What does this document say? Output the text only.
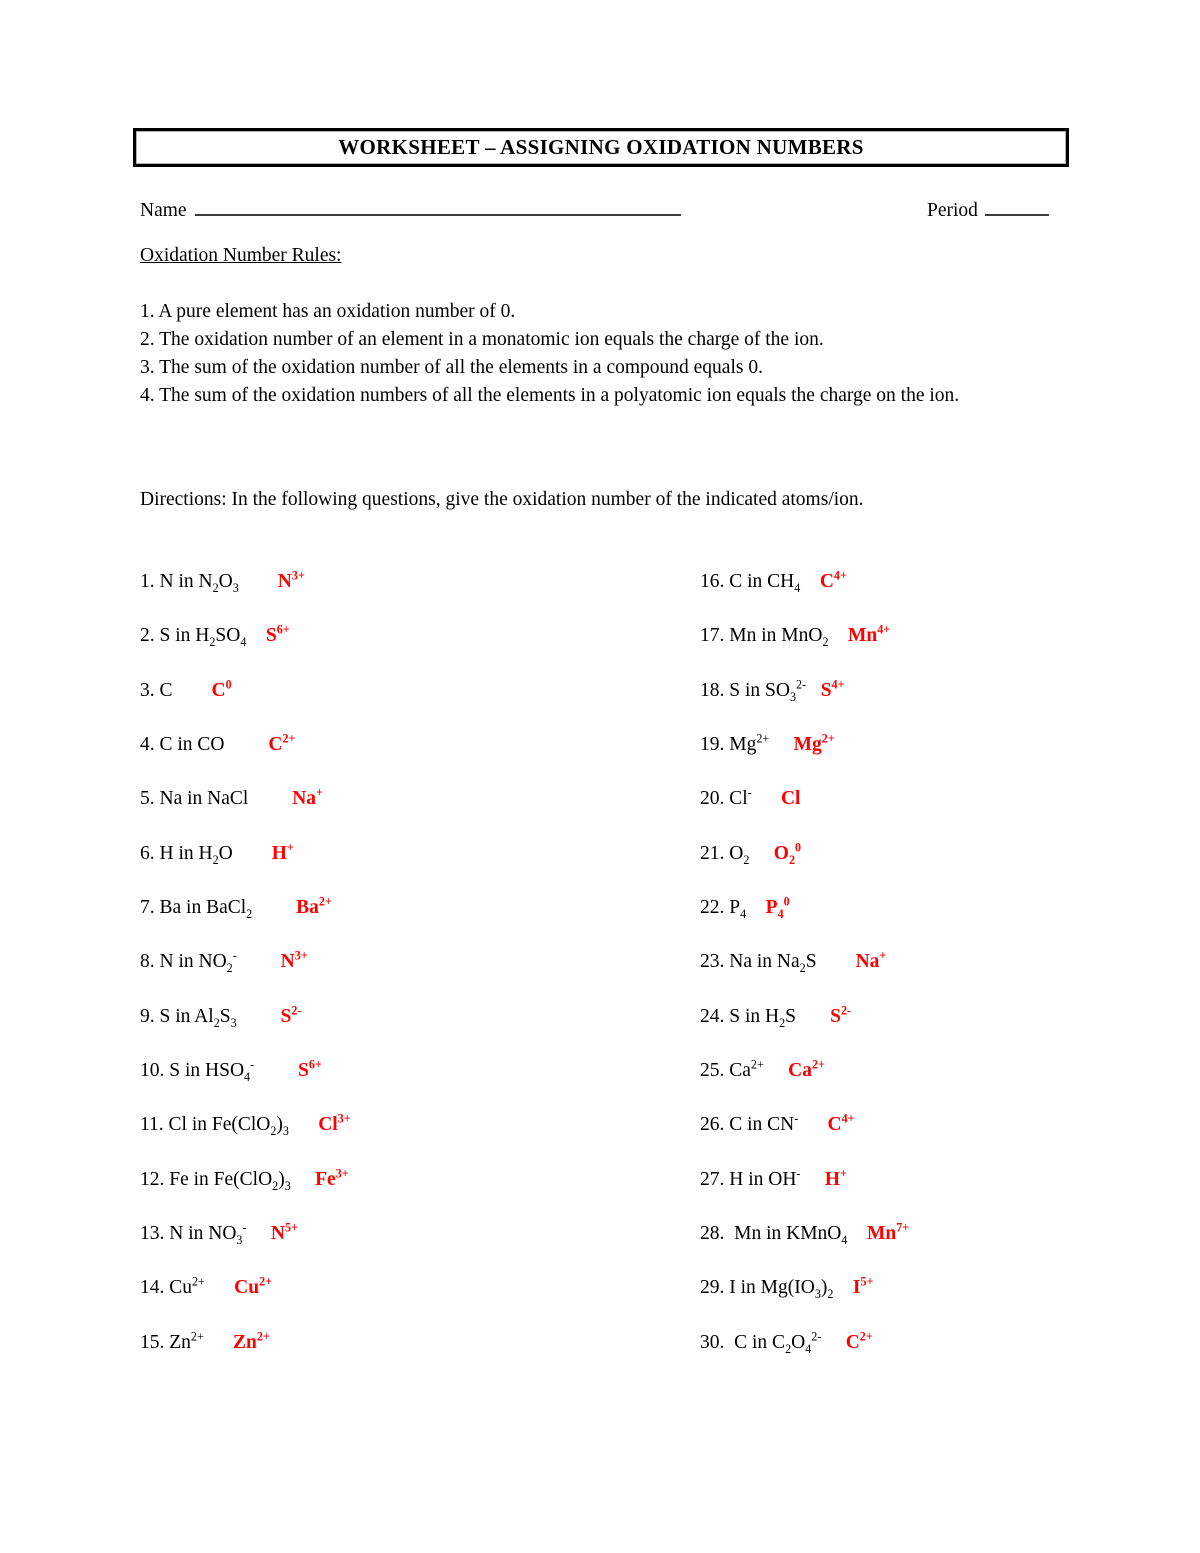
WORKSHEET – ASSIGNING OXIDATION NUMBERS
Name	Period
Oxidation Number Rules:
1. A pure element has an oxidation number of 0.
2. The oxidation number of an element in a monatomic ion equals the charge of the ion.
3. The sum of the oxidation number of all the elements in a compound equals 0.
4. The sum of the oxidation numbers of all the elements in a polyatomic ion equals the charge on the ion.
Directions: In the following questions, give the oxidation number of the indicated atoms/ion.
1. N in $N_2O_3$ $N^{3+}$
2. S in $H_2SO_4$ $S^{6+}$
3. C        $C^0$
4. C in CO         $C^{2+}$
5. Na in NaCl         Na+
6. H in $H_2O$        H+
7. Ba in BaCl$_2$ $Ba^{2+}$
8. N in $NO_2^-$ $N^{3+}$
9. S in $Al_2S_3$ $S^{2-}$
10. S in $HSO_4^-$ $S^{6+}$
11. Cl in $Fe(ClO_2)_3$ $Cl^{3+}$
12. Fe in $Fe(ClO_2)_3$ $Fe^{3+}$
13. N in $NO_3^-$ $N^{5+}$
14. $Cu^{2+}$ $Cu^{2+}$
15. $Zn^{2+}$ $Zn^{2+}$
16. C in $CH_4$ $C^{4+}$
17. Mn in MnO$_2$ $Mn^{4+}$
18. S in $SO_3^{2-}$ $S^{4+}$
19. $Mg^{2+}$ $Mg^{2+}$
20. Cl- Cl
21. $O_2$ $O_2^0$
22. $P_4$ $P_4^0$
23. Na in $Na_2S$        Na+
24. S in $H_2S$       $S^{2-}$
25. $Ca^{2+}$ $Ca^{2+}$
26. C in CN- $C^{4+}$
27. H in OH- H+
28.  Mn in KMnO$_4$ $Mn^{7+}$
29. I in $Mg(IO_3)_2$ $I^{5+}$
30.  C in $C_2O_4^{2-}$ $C^{2+}$
